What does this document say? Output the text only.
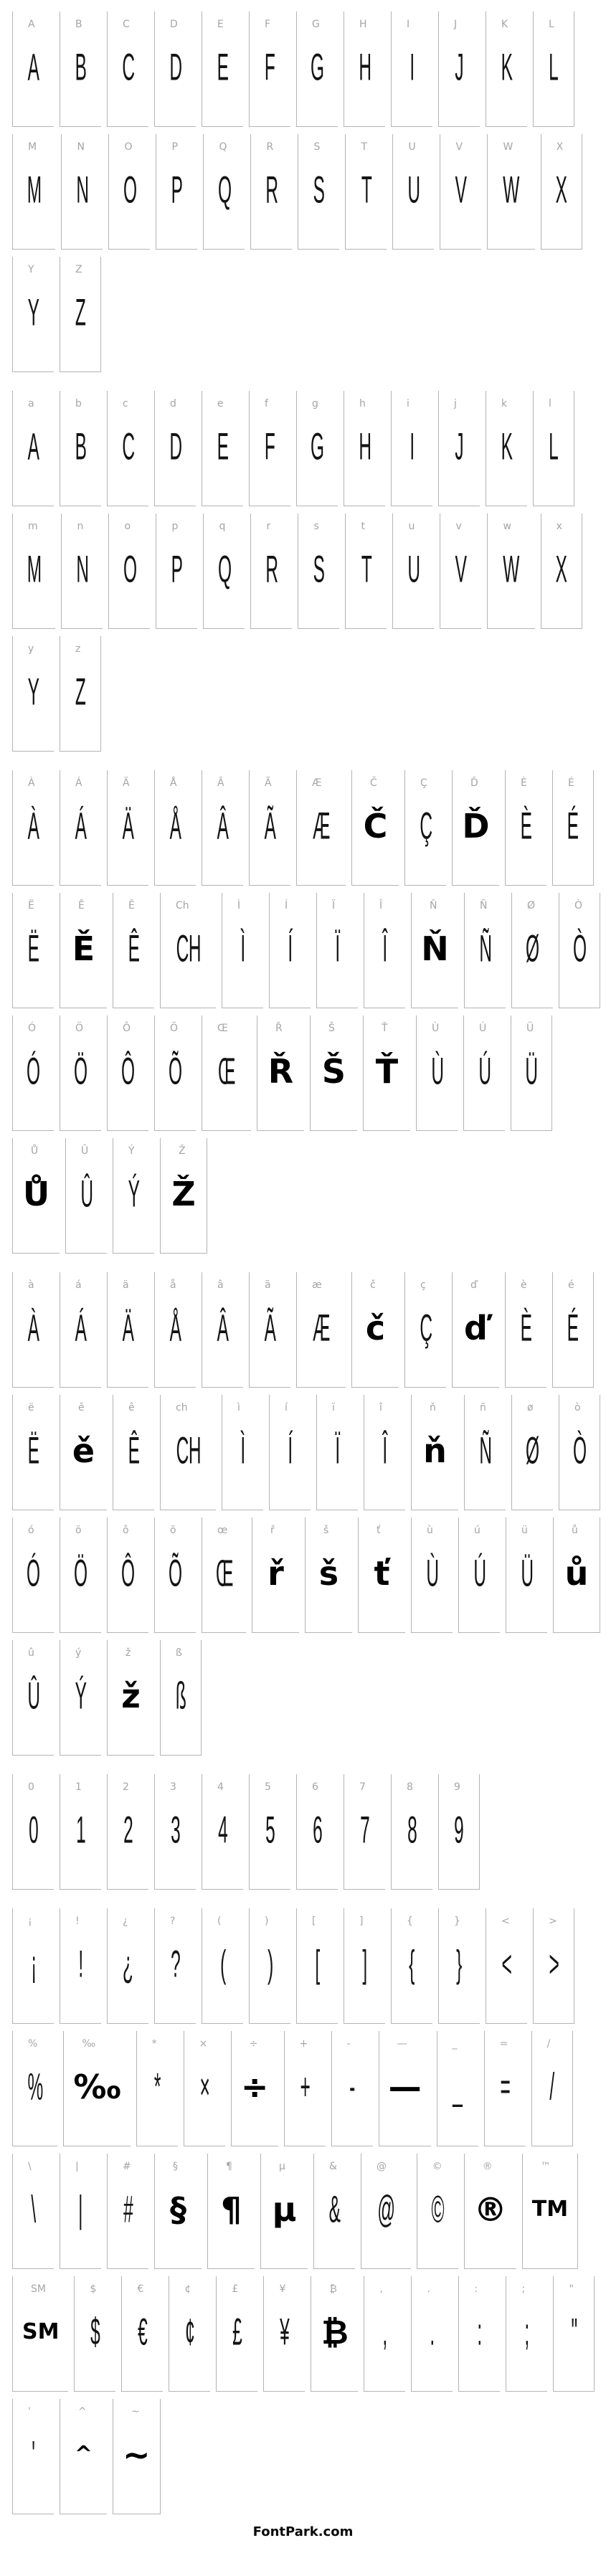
A
A
B
B
C
C
D
D
E
E
F
F
G
G
H
H
I
I
J
J
K
K
L
L
M
M
N
N
O
O
P
P
Q
Q
R
R
S
S
T
T
U
U
V
V
W
W
X
X
Y
Y
Z
Z
a
A
b
B
c
C
d
D
e
E
f
F
g
G
h
H
i
I
j
J
k
K
l
L
m
M
n
N
o
O
p
P
q
Q
r
R
s
S
t
T
u
U
v
V
w
W
x
X
y
Y
z
Z
À
À
Á
Á
Ä
Ä
Å
Å
Â
Â
Ã
Ã
Æ
Æ
Č
Č
Ç
Ç
Ď
Ď
È
È
É
É
Ë
Ë
Ě
Ě
Ê
Ê
Ch
CH
Ì
Ì
Í
Í
Ï
Ï
Î
Î
Ň
Ň
Ñ
Ñ
Ø
Ø
Ò
Ò
Ó
Ó
Ö
Ö
Ô
Ô
Õ
Õ
Œ
Œ
Ř
Ř
Š
Š
Ť
Ť
Ù
Ù
Ú
Ú
Ü
Ü
Ů
Ů
Û
Û
Ý
Ý
Ž
Ž
à
À
á
Á
ä
Ä
å
Å
â
Â
ã
Ã
æ
Æ
č
č
ç
Ç
ď
ď
è
È
é
É
ë
Ë
ě
ě
ê
Ê
ch
CH
ì
Ì
í
Í
ï
Ï
î
Î
ň
ň
ñ
Ñ
ø
Ø
ò
Ò
ó
Ó
ö
Ö
ô
Ô
õ
Õ
œ
Œ
ř
ř
š
š
ť
ť
ù
Ù
ú
Ú
ü
Ü
ů
ů
û
Û
ý
Ý
ž
ž
ß
ß
0
0
1
1
2
2
3
3
4
4
5
5
6
6
7
7
8
8
9
9
¡
¡
!
!
¿
¿
?
?
(
(
)
)
[
[
]
]
{
{
}
}
<
<
>
>
%
%
‰
‰
*
*
×
×
÷
÷
+
+
-
-
—
—
_
_
=
=
/
/
\
\
|
|
#
#
§
§
¶
¶
µ
µ
&
&
@
@
©
©
®
®
™
TM
SM
SM
$
$
€
€
¢
¢
£
£
¥
¥
₿
₿
,
,
.
.
:
:
;
;
"
"
'
'
^
^
~
~
FontPark.com
